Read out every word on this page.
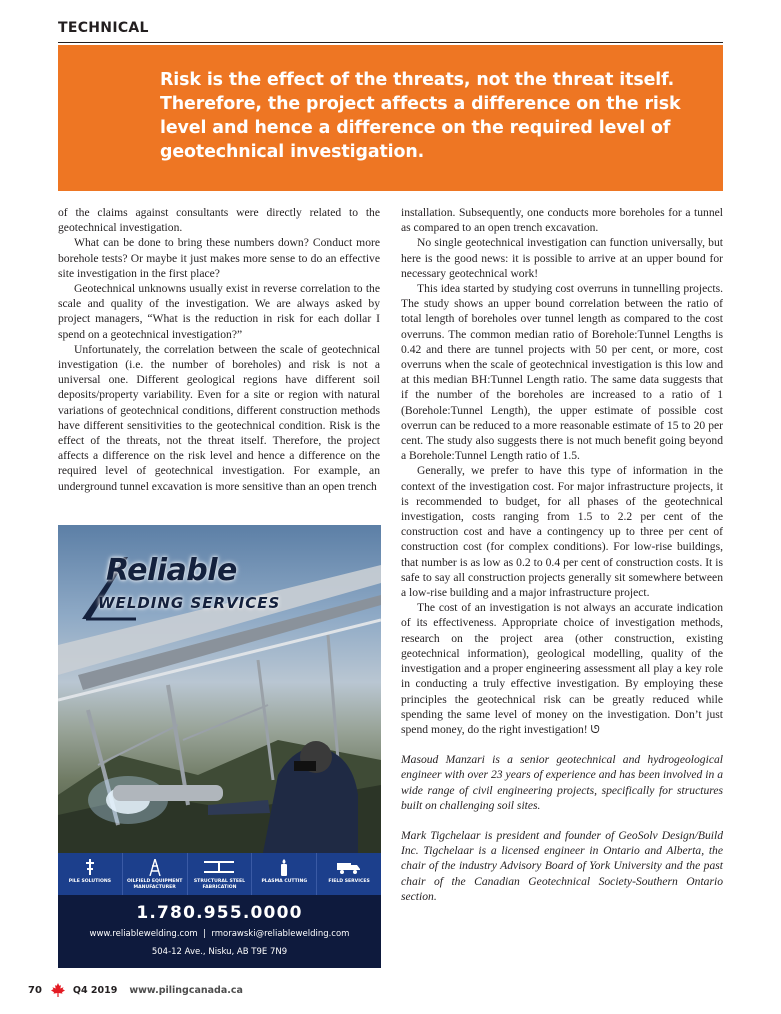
TECHNICAL

Risk is the effect of the threats, not the threat itself. Therefore, the project affects a difference on the risk level and hence a difference on the required level of geotechnical investigation.

of the claims against consultants were directly related to the geotechnical investigation.

What can be done to bring these numbers down? Conduct more borehole tests? Or maybe it just makes more sense to do an effective site investigation in the first place?

Geotechnical unknowns usually exist in reverse correlation to the scale and quality of the investigation. We are always asked by project managers, “What is the reduction in risk for each dollar I spend on a geotechnical investigation?”

Unfortunately, the correlation between the scale of geotechnical investigation (i.e. the number of boreholes) and risk is not a universal one. Different geological regions have different soil deposits/property variability. Even for a site or region with natural variations of geotechnical conditions, different construction methods have different sensitivities to the geotechnical condition. Risk is the effect of the threats, not the threat itself. Therefore, the project affects a difference on the risk level and hence a difference on the required level of geotechnical investigation. For example, an underground tunnel excavation is more sensitive than an open trench

installation. Subsequently, one conducts more boreholes for a tunnel as compared to an open trench excavation.

No single geotechnical investigation can function universally, but here is the good news: it is possible to arrive at an upper bound for necessary geotechnical work!

This idea started by studying cost overruns in tunnelling projects. The study shows an upper bound correlation between the ratio of total length of boreholes over tunnel length as compared to the cost overruns. The common median ratio of Borehole:Tunnel Lengths is 0.42 and there are tunnel projects with 50 per cent, or more, cost overruns when the scale of geotechnical investigation is this low and at this median BH:Tunnel Length ratio. The same data suggests that if the number of the boreholes are increased to a ratio of 1 (Borehole:Tunnel Length), the upper estimate of possible cost overrun can be reduced to a more reasonable estimate of 15 to 20 per cent. The study also suggests there is not much benefit going beyond a Borehole:Tunnel Length ratio of 1.5.

Generally, we prefer to have this type of information in the context of the investigation cost. For major infrastructure projects, it is recommended to budget, for all phases of the geotechnical investigation, costs ranging from 1.5 to 2.2 per cent of the construction cost and have a contingency up to three per cent of construction cost (for complex conditions). For low-rise buildings, that number is as low as 0.2 to 0.4 per cent of construction costs. It is safe to say all construction projects generally sit somewhere between a low-rise building and a major infrastructure project.

The cost of an investigation is not always an accurate indication of its effectiveness. Appropriate choice of investigation methods, research on the project area (other construction, existing geotechnical information), geological modelling, quality of the investigation and a proper engineering assessment all play a key role in conducting a truly effective investigation. By employing these principles the geotechnical risk can be greatly reduced while spending the same level of money on the investigation. Don’t just spend money, do the right investigation! ᘎ

Masoud Manzari is a senior geotechnical and hydrogeological engineer with over 23 years of experience and has been involved in a wide range of civil engineering projects, specifically for structures built on challenging soil sites.

Mark Tigchelaar is president and founder of GeoSolv Design/Build Inc. Tigchelaar is a licensed engineer in Ontario and Alberta, the chair of the industry Advisory Board of York University and the past chair of the Canadian Geotechnical Society-Southern Ontario section.

Reliable
WELDING SERVICES
PILE SOLUTIONS	OILFIELD EQUIPMENT MANUFACTURER
STRUCTURAL STEEL FABRICATION
PLASMA CUTTING	FIELD SERVICES
1.780.955.0000
www.reliablewelding.com | rmorawski@reliablewelding.com
504-12 Ave., Nisku, AB T9E 7N9
70	Q4 2019 www.pilingcanada.ca
